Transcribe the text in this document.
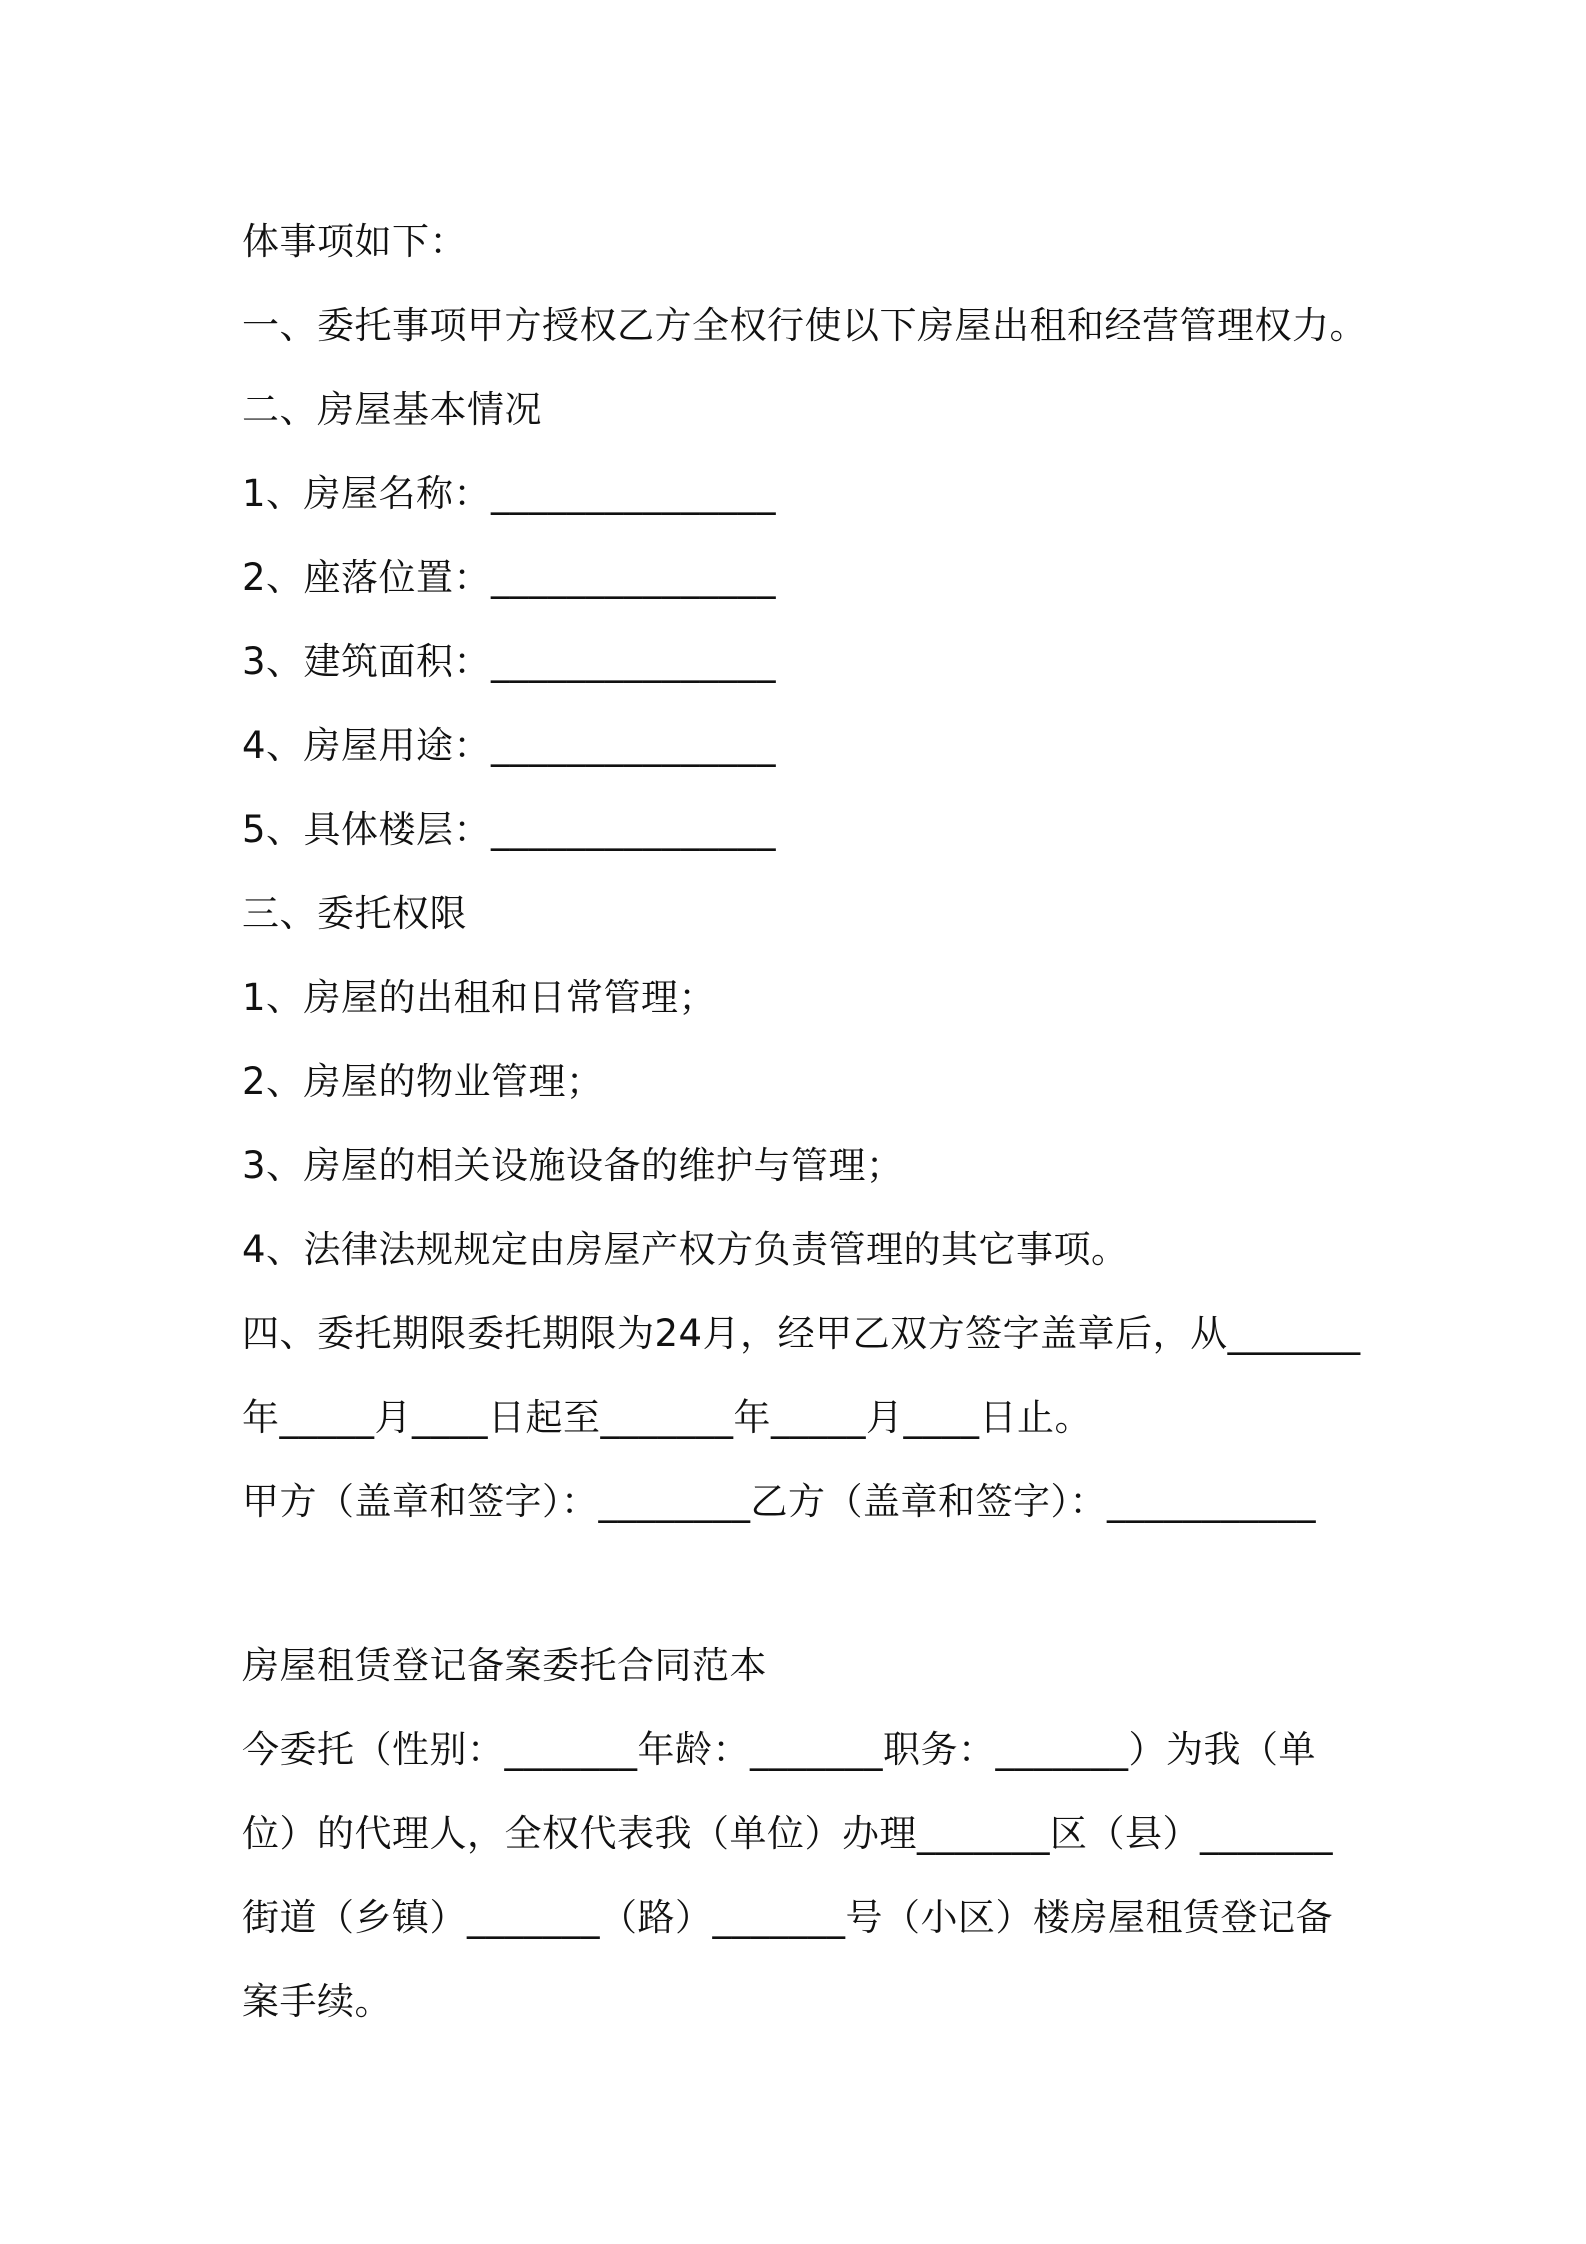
体事项如下：
一、委托事项甲方授权乙方全权行使以下房屋出租和经营管理权力。
二、房屋基本情况
1、房屋名称：_______________
2、座落位置：_______________
3、建筑面积：_______________
4、房屋用途：_______________
5、具体楼层：_______________
三、委托权限
1、房屋的出租和日常管理；
2、房屋的物业管理；
3、房屋的相关设施设备的维护与管理；
4、法律法规规定由房屋产权方负责管理的其它事项。
四、委托期限委托期限为24月，经甲乙双方签字盖章后，从_______
年_____月____日起至_______年_____月____日止。
甲方（盖章和签字）：________乙方（盖章和签字）：___________
房屋租赁登记备案委托合同范本
今委托（性别：_______年龄：_______职务：_______）为我（单
位）的代理人，全权代表我（单位）办理_______区（县）_______
街道（乡镇）_______（路）_______号（小区）楼房屋租赁登记备
案手续。
